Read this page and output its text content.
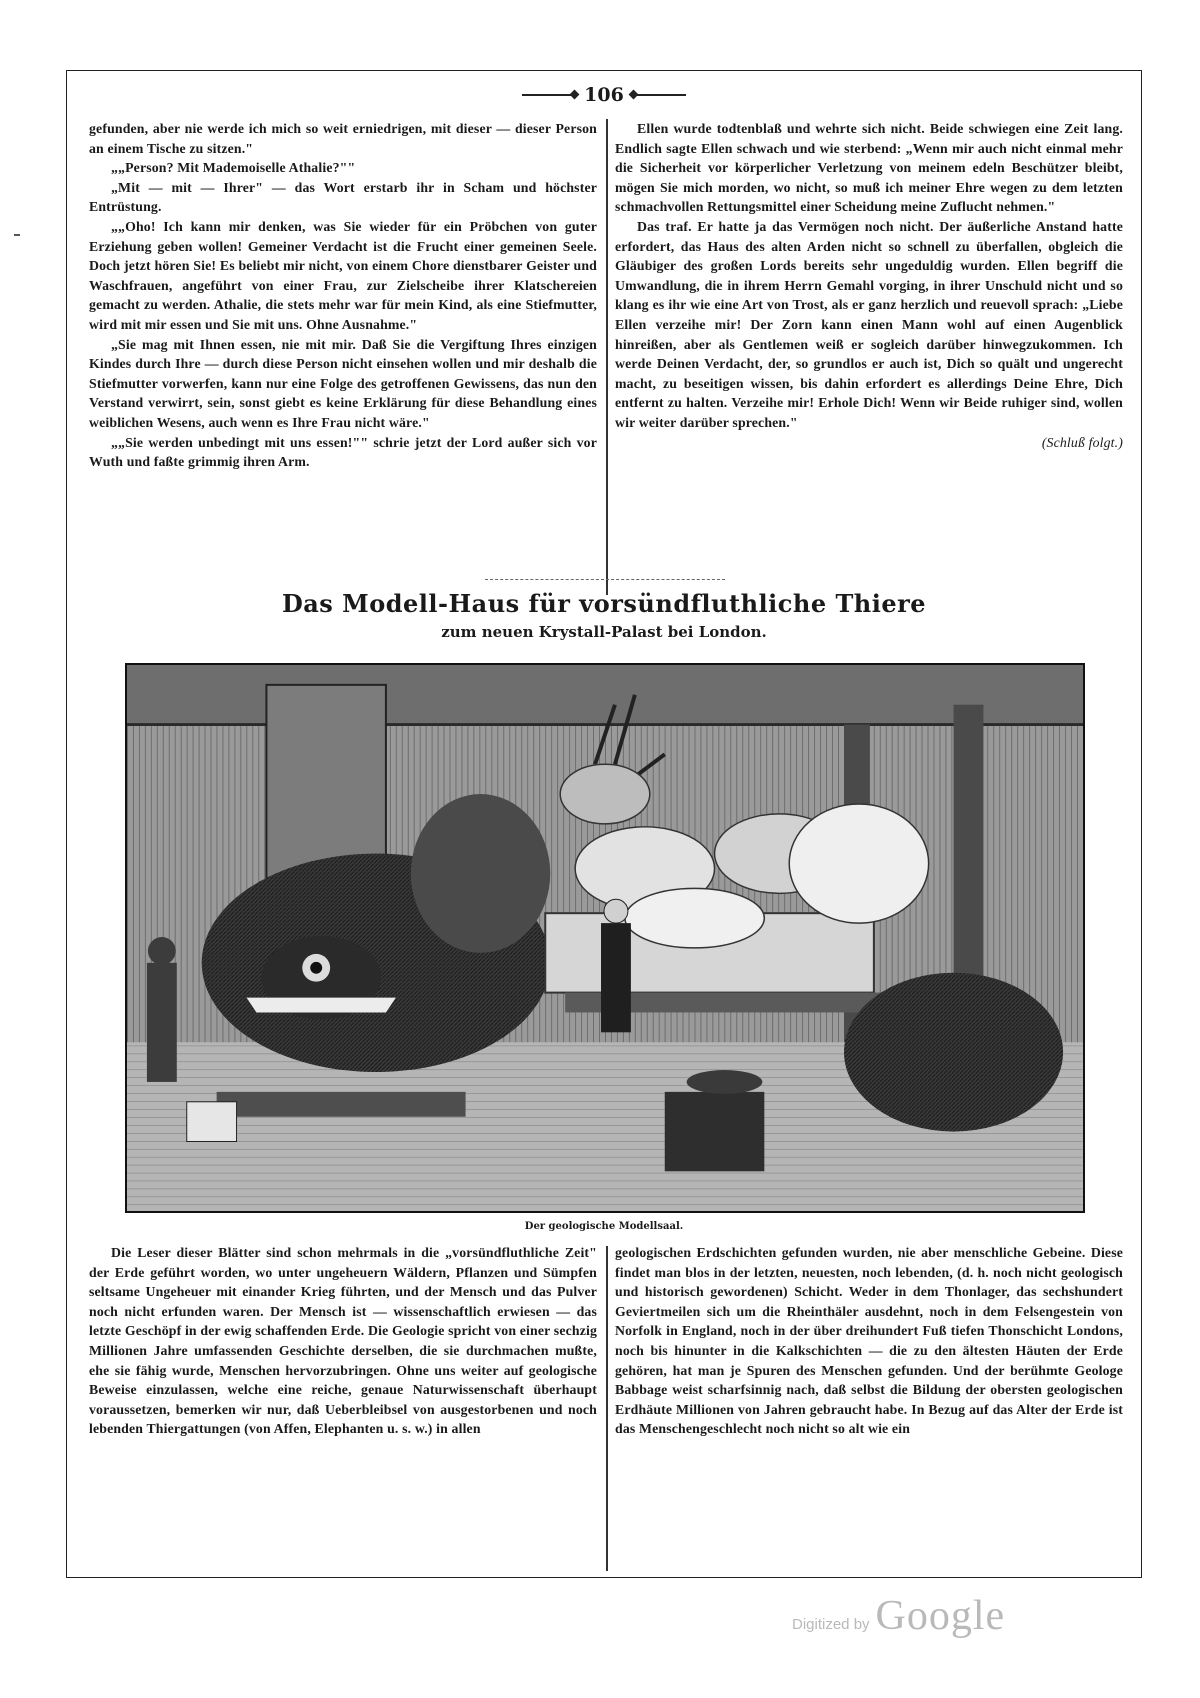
106

gefunden, aber nie werde ich mich so weit erniedrigen, mit dieser — dieser Person an einem Tische zu sitzen."

„„Person? Mit Mademoiselle Athalie?""

„Mit — mit — Ihrer" — das Wort erstarb ihr in Scham und höchster Entrüstung.

„„Oho! Ich kann mir denken, was Sie wieder für ein Pröbchen von guter Erziehung geben wollen! Gemeiner Verdacht ist die Frucht einer gemeinen Seele. Doch jetzt hören Sie! Es beliebt mir nicht, von einem Chore dienstbarer Geister und Waschfrauen, angeführt von einer Frau, zur Zielscheibe ihrer Klatschereien gemacht zu werden. Athalie, die stets mehr war für mein Kind, als eine Stiefmutter, wird mit mir essen und Sie mit uns. Ohne Ausnahme."

„Sie mag mit Ihnen essen, nie mit mir. Daß Sie die Vergiftung Ihres einzigen Kindes durch Ihre — durch diese Person nicht einsehen wollen und mir deshalb die Stiefmutter vorwerfen, kann nur eine Folge des getroffenen Gewissens, das nun den Verstand verwirrt, sein, sonst giebt es keine Erklärung für diese Behandlung eines weiblichen Wesens, auch wenn es Ihre Frau nicht wäre."

„„Sie werden unbedingt mit uns essen!"" schrie jetzt der Lord außer sich vor Wuth und faßte grimmig ihren Arm.

Ellen wurde todtenblaß und wehrte sich nicht. Beide schwiegen eine Zeit lang. Endlich sagte Ellen schwach und wie sterbend: „Wenn mir auch nicht einmal mehr die Sicherheit vor körperlicher Verletzung von meinem edeln Beschützer bleibt, mögen Sie mich morden, wo nicht, so muß ich meiner Ehre wegen zu dem letzten schmachvollen Rettungsmittel einer Scheidung meine Zuflucht nehmen."

Das traf. Er hatte ja das Vermögen noch nicht. Der äußerliche Anstand hatte erfordert, das Haus des alten Arden nicht so schnell zu überfallen, obgleich die Gläubiger des großen Lords bereits sehr ungeduldig wurden. Ellen begriff die Umwandlung, die in ihrem Herrn Gemahl vorging, in ihrer Unschuld nicht und so klang es ihr wie eine Art von Trost, als er ganz herzlich und reuevoll sprach: „Liebe Ellen verzeihe mir! Der Zorn kann einen Mann wohl auf einen Augenblick hinreißen, aber als Gentlemen weiß er sogleich darüber hinwegzukommen. Ich werde Deinen Verdacht, der, so grundlos er auch ist, Dich so quält und ungerecht macht, zu beseitigen wissen, bis dahin erfordert es allerdings Deine Ehre, Dich entfernt zu halten. Verzeihe mir! Erhole Dich! Wenn wir Beide ruhiger sind, wollen wir weiter darüber sprechen."

(Schluß folgt.)

Das Modell-Haus für vorsündfluthliche Thiere
zum neuen Krystall-Palast bei London.
Der geologische Modellsaal.

Die Leser dieser Blätter sind schon mehrmals in die „vorsündfluthliche Zeit" der Erde geführt worden, wo unter ungeheuern Wäldern, Pflanzen und Sümpfen seltsame Ungeheuer mit einander Krieg führten, und der Mensch und das Pulver noch nicht erfunden waren. Der Mensch ist — wissenschaftlich erwiesen — das letzte Geschöpf in der ewig schaffenden Erde. Die Geologie spricht von einer sechzig Millionen Jahre umfassenden Geschichte derselben, die sie durchmachen mußte, ehe sie fähig wurde, Menschen hervorzubringen. Ohne uns weiter auf geologische Beweise einzulassen, welche eine reiche, genaue Naturwissenschaft überhaupt voraussetzen, bemerken wir nur, daß Ueberbleibsel von ausgestorbenen und noch lebenden Thiergattungen (von Affen, Elephanten u. s. w.) in allen

geologischen Erdschichten gefunden wurden, nie aber menschliche Gebeine. Diese findet man blos in der letzten, neuesten, noch lebenden, (d. h. noch nicht geologisch und historisch gewordenen) Schicht. Weder in dem Thonlager, das sechshundert Geviertmeilen sich um die Rheinthäler ausdehnt, noch in dem Felsengestein von Norfolk in England, noch in der über dreihundert Fuß tiefen Thonschicht Londons, noch bis hinunter in die Kalkschichten — die zu den ältesten Häuten der Erde gehören, hat man je Spuren des Menschen gefunden. Und der berühmte Geologe Babbage weist scharfsinnig nach, daß selbst die Bildung der obersten geologischen Erdhäute Millionen von Jahren gebraucht habe. In Bezug auf das Alter der Erde ist das Menschengeschlecht noch nicht so alt wie ein

Digitized by Google
